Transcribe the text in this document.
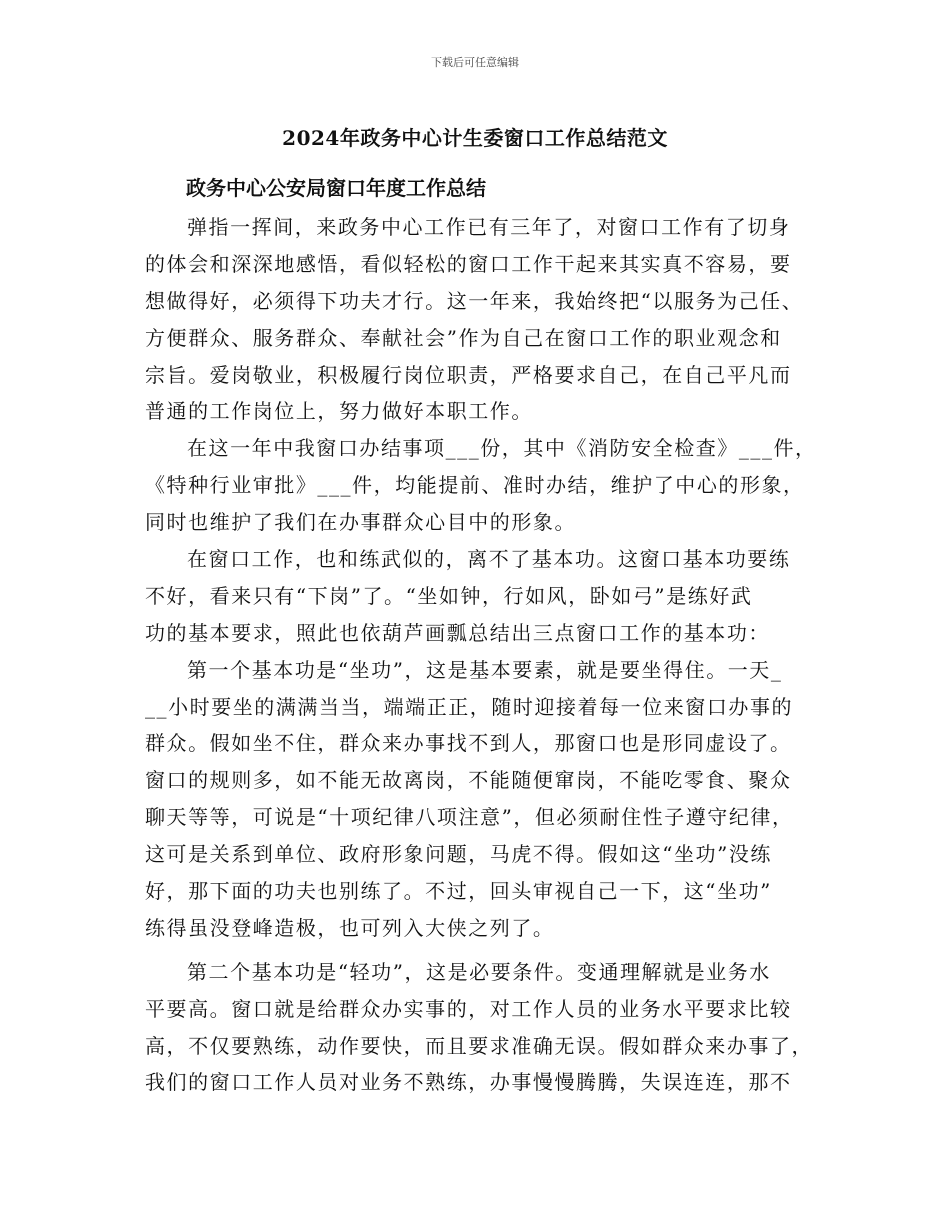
下载后可任意编辑
2024年政务中心计生委窗口工作总结范文
政务中心公安局窗口年度工作总结
弹指一挥间，来政务中心工作已有三年了，对窗口工作有了切身
的体会和深深地感悟，看似轻松的窗口工作干起来其实真不容易，要
想做得好，必须得下功夫才行。这一年来，我始终把“以服务为己任、
方便群众、服务群众、奉献社会”作为自己在窗口工作的职业观念和
宗旨。爱岗敬业，积极履行岗位职责，严格要求自己，在自己平凡而
普通的工作岗位上，努力做好本职工作。
在这一年中我窗口办结事项___份，其中《消防安全检查》___件，
《特种行业审批》___件，均能提前、准时办结，维护了中心的形象，
同时也维护了我们在办事群众心目中的形象。
在窗口工作，也和练武似的，离不了基本功。这窗口基本功要练
不好，看来只有“下岗”了。“坐如钟，行如风，卧如弓”是练好武
功的基本要求，照此也依葫芦画瓢总结出三点窗口工作的基本功：
第一个基本功是“坐功”，这是基本要素，就是要坐得住。一天_
__小时要坐的满满当当，端端正正，随时迎接着每一位来窗口办事的
群众。假如坐不住，群众来办事找不到人，那窗口也是形同虚设了。
窗口的规则多，如不能无故离岗，不能随便窜岗，不能吃零食、聚众
聊天等等，可说是“十项纪律八项注意”，但必须耐住性子遵守纪律，
这可是关系到单位、政府形象问题，马虎不得。假如这“坐功”没练
好，那下面的功夫也别练了。不过，回头审视自己一下，这“坐功”
练得虽没登峰造极，也可列入大侠之列了。
第二个基本功是“轻功”，这是必要条件。变通理解就是业务水
平要高。窗口就是给群众办实事的，对工作人员的业务水平要求比较
高，不仅要熟练，动作要快，而且要求准确无误。假如群众来办事了，
我们的窗口工作人员对业务不熟练，办事慢慢腾腾，失误连连，那不
